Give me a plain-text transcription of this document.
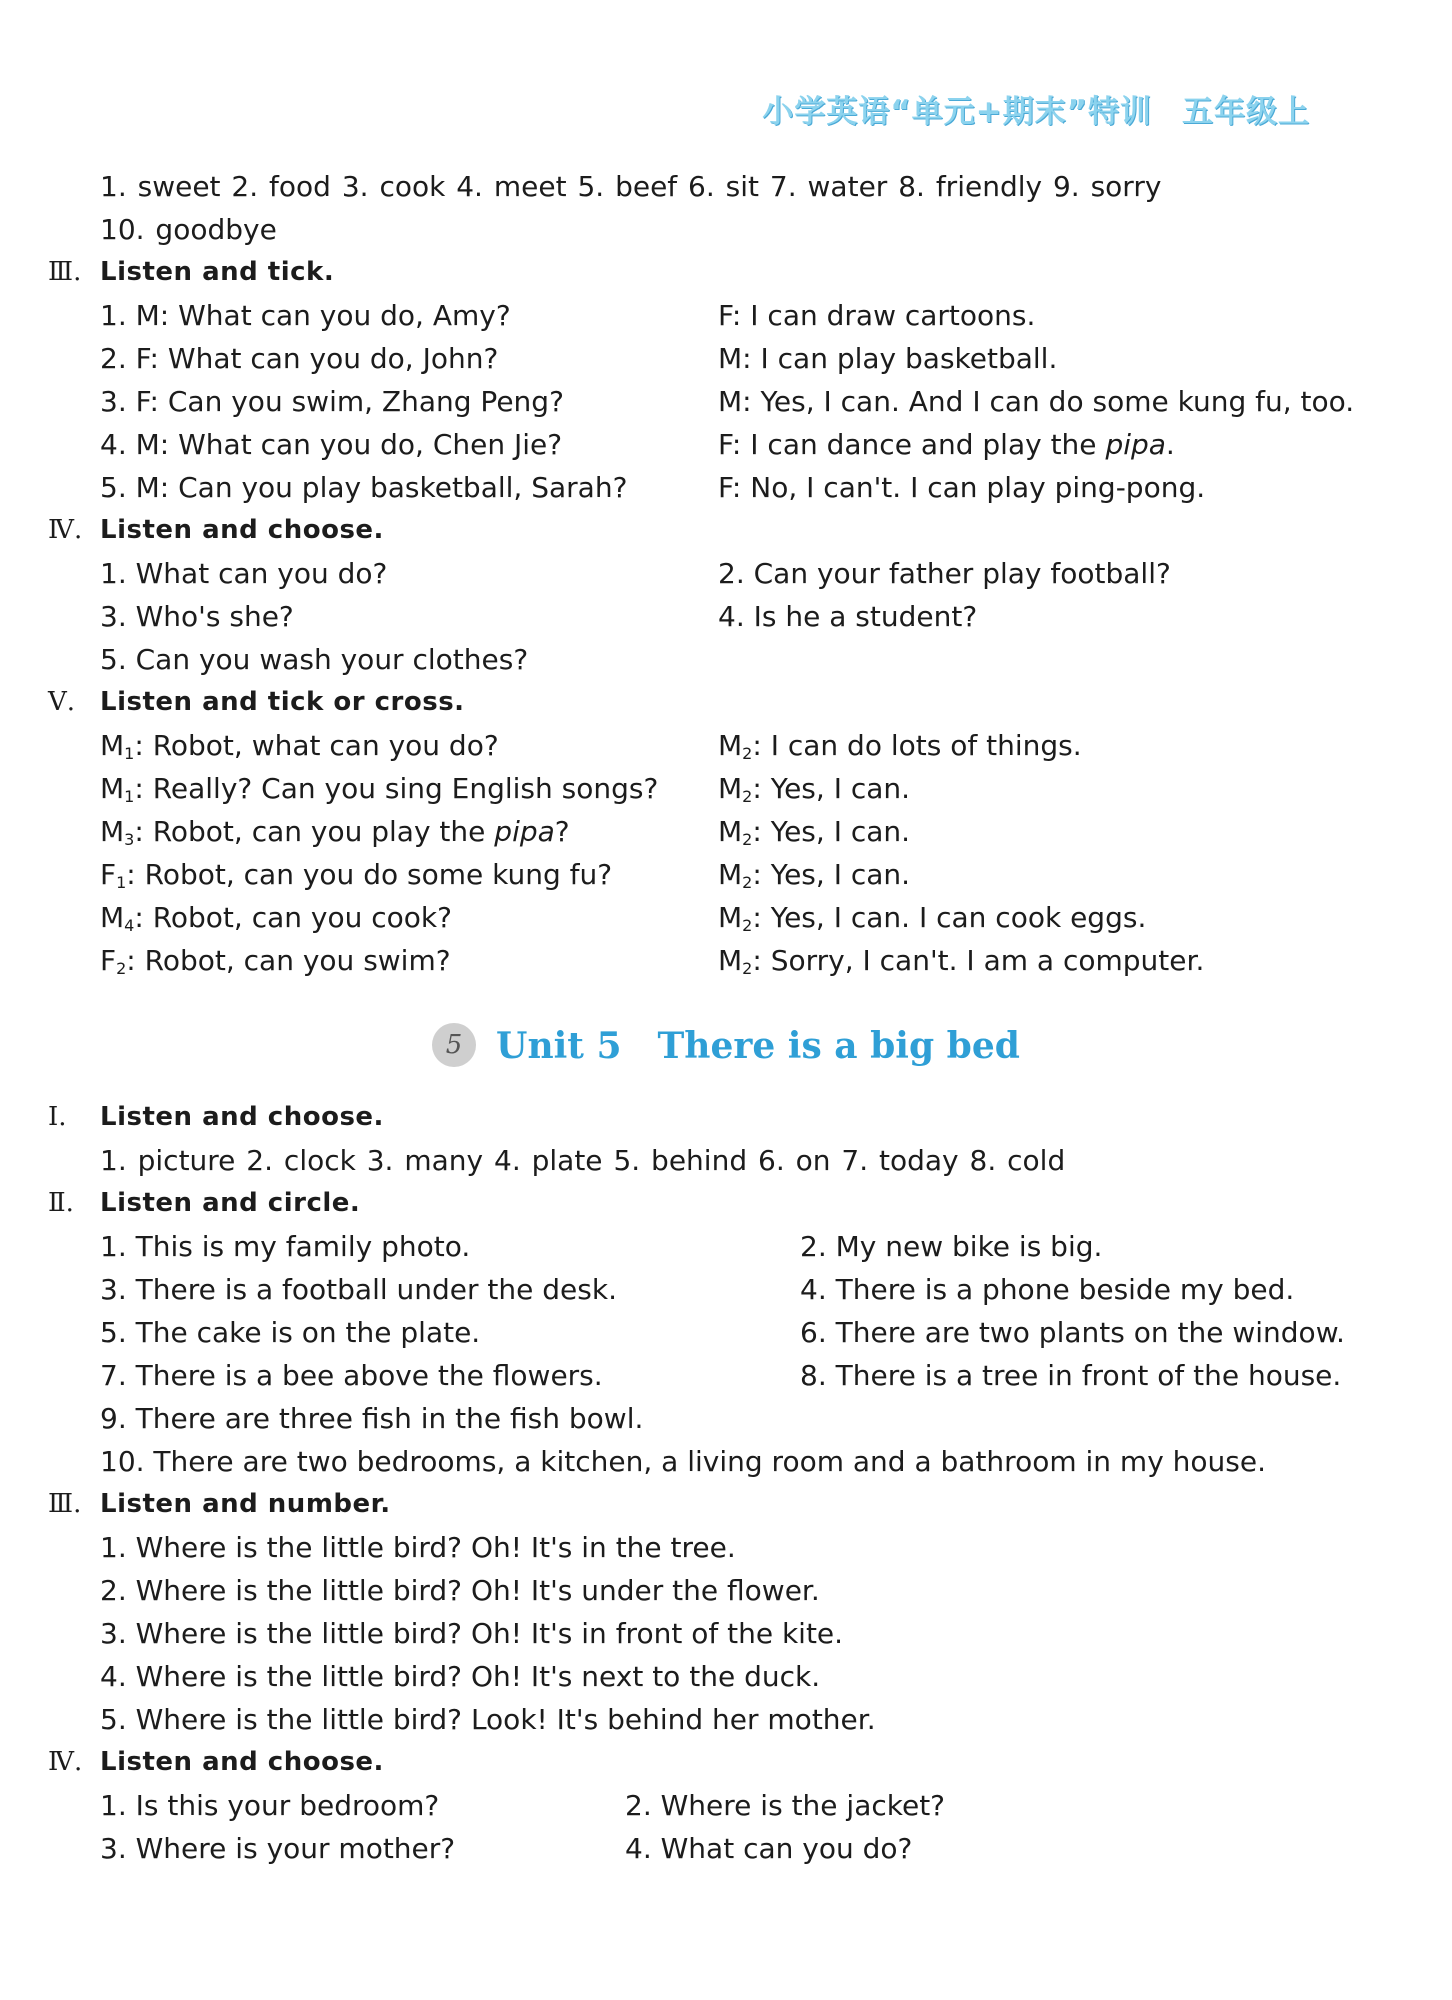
小学英语“单元+期末”特训 五年级上
1. sweet 2. food 3. cook 4. meet 5. beef 6. sit 7. water 8. friendly 9. sorry
10. goodbye
Ⅲ. Listen and tick.
1. M: What can you do, Amy?	F: I can draw cartoons.
2. F: What can you do, John?	M: I can play basketball.
3. F: Can you swim, Zhang Peng?	M: Yes, I can. And I can do some kung fu, too.
4. M: What can you do, Chen Jie?	F: I can dance and play the pipa.
5. M: Can you play basketball, Sarah?	F: No, I can't. I can play ping-pong.
Ⅳ. Listen and choose.
1. What can you do?	2. Can your father play football?
3. Who's she?	4. Is he a student?
5. Can you wash your clothes?
Ⅴ. Listen and tick or cross.
$M_1$: Robot, what can you do?	$M_2$: I can do lots of things.
$M_1$: Really? Can you sing English songs? $M_2$: Yes, I can.
$M_3$: Robot, can you play the pipa?	$M_2$: Yes, I can.
$F_1$: Robot, can you do some kung fu?	$M_2$: Yes, I can.
$M_4$: Robot, can you cook?	$M_2$: Yes, I can. I can cook eggs.
$F_2$: Robot, can you swim?	$M_2$: Sorry, I can't. I am a computer.
5 Unit 5 There is a big bed
Ⅰ. Listen and choose.
1. picture 2. clock 3. many 4. plate 5. behind 6. on 7. today 8. cold
Ⅱ. Listen and circle.
1. This is my family photo.	2. My new bike is big.
3. There is a football under the desk.	4. There is a phone beside my bed.
5. The cake is on the plate.	6. There are two plants on the window.
7. There is a bee above the flowers.	8. There is a tree in front of the house.
9. There are three fish in the fish bowl.
10. There are two bedrooms, a kitchen, a living room and a bathroom in my house.
Ⅲ. Listen and number.
1. Where is the little bird? Oh! It's in the tree.
2. Where is the little bird? Oh! It's under the flower.
3. Where is the little bird? Oh! It's in front of the kite.
4. Where is the little bird? Oh! It's next to the duck.
5. Where is the little bird? Look! It's behind her mother.
Ⅳ. Listen and choose.
1. Is this your bedroom?	2. Where is the jacket?
3. Where is your mother?	4. What can you do?
